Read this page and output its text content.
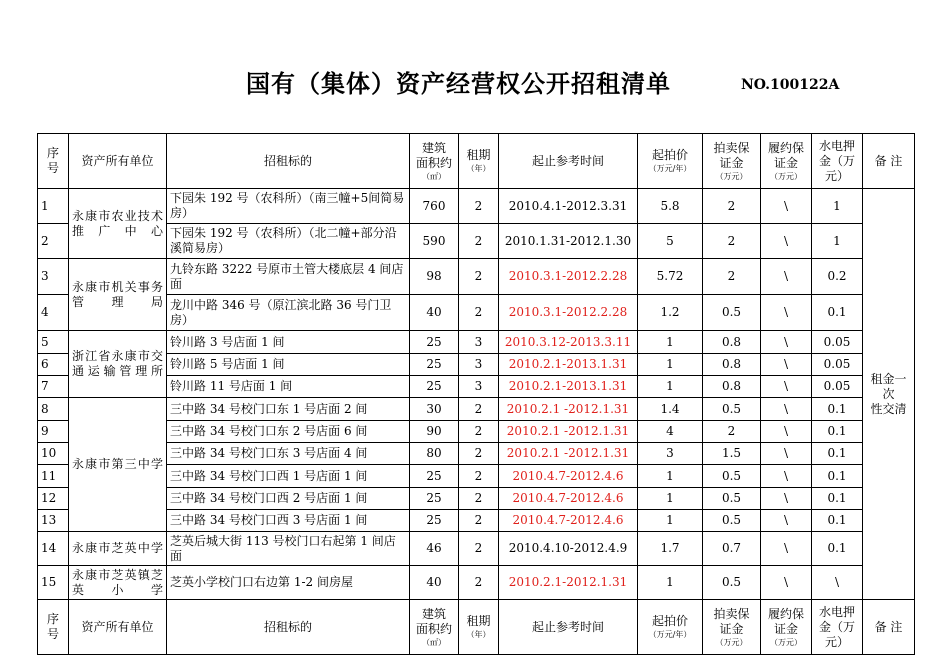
国有（集体）资产经营权公开招租清单	NO.100122A
序
号	资产所有单位	招租标的	建筑
面积约
（㎡）	租期
（年）	起止参考时间	起拍价
（万元/年）	拍卖保
证金
（万元）	履约保
证金
（万元）	水电押
金（万
元）	备 注
1	永康市农业技术推广中心	下园朱 192 号（农科所）（南三幢+5间简易房）	760	2	2010.4.1-2012.3.31	5.8	2	\	1	租金一次
性交清
2		下园朱 192 号（农科所）（北二幢+部分沿溪简易房）	590	2	2010.1.31-2012.1.30	5	2	\	1	
3	永康市机关事务管理局	九铃东路 3222 号原市土管大楼底层 4 间店面	98	2	2010.3.1-2012.2.28	5.72	2	\	0.2	
4		龙川中路 346 号（原江滨北路 36 号门卫房）	40	2	2010.3.1-2012.2.28	1.2	0.5	\	0.1	
5	浙江省永康市交通运输管理所	铃川路 3 号店面 1 间	25	3	2010.3.12-2013.3.11	1	0.8	\	0.05	
6		铃川路 5 号店面 1 间	25	3	2010.2.1-2013.1.31	1	0.8	\	0.05	
7		铃川路 11 号店面 1 间	25	3	2010.2.1-2013.1.31	1	0.8	\	0.05	
8	永康市第三中学	三中路 34 号校门口东 1 号店面 2 间	30	2	2010.2.1 -2012.1.31	1.4	0.5	\	0.1	
9		三中路 34 号校门口东 2 号店面 6 间	90	2	2010.2.1 -2012.1.31	4	2	\	0.1	
10		三中路 34 号校门口东 3 号店面 4 间	80	2	2010.2.1 -2012.1.31	3	1.5	\	0.1	
11		三中路 34 号校门口西 1 号店面 1 间	25	2	2010.4.7-2012.4.6	1	0.5	\	0.1	
12		三中路 34 号校门口西 2 号店面 1 间	25	2	2010.4.7-2012.4.6	1	0.5	\	0.1	
13		三中路 34 号校门口西 3 号店面 1 间	25	2	2010.4.7-2012.4.6	1	0.5	\	0.1	
14	永康市芝英中学	芝英后城大街 113 号校门口右起第 1 间店面	46	2	2010.4.10-2012.4.9	1.7	0.7	\	0.1	
15	永康市芝英镇芝英小学	芝英小学校门口右边第 1-2 间房屋	40	2	2010.2.1-2012.1.31	1	0.5	\	\	
序
号	资产所有单位	招租标的	建筑
面积约
（㎡）	租期
（年）	起止参考时间	起拍价
（万元/年）	拍卖保
证金
（万元）	履约保
证金
（万元）	水电押
金（万
元）	备 注
